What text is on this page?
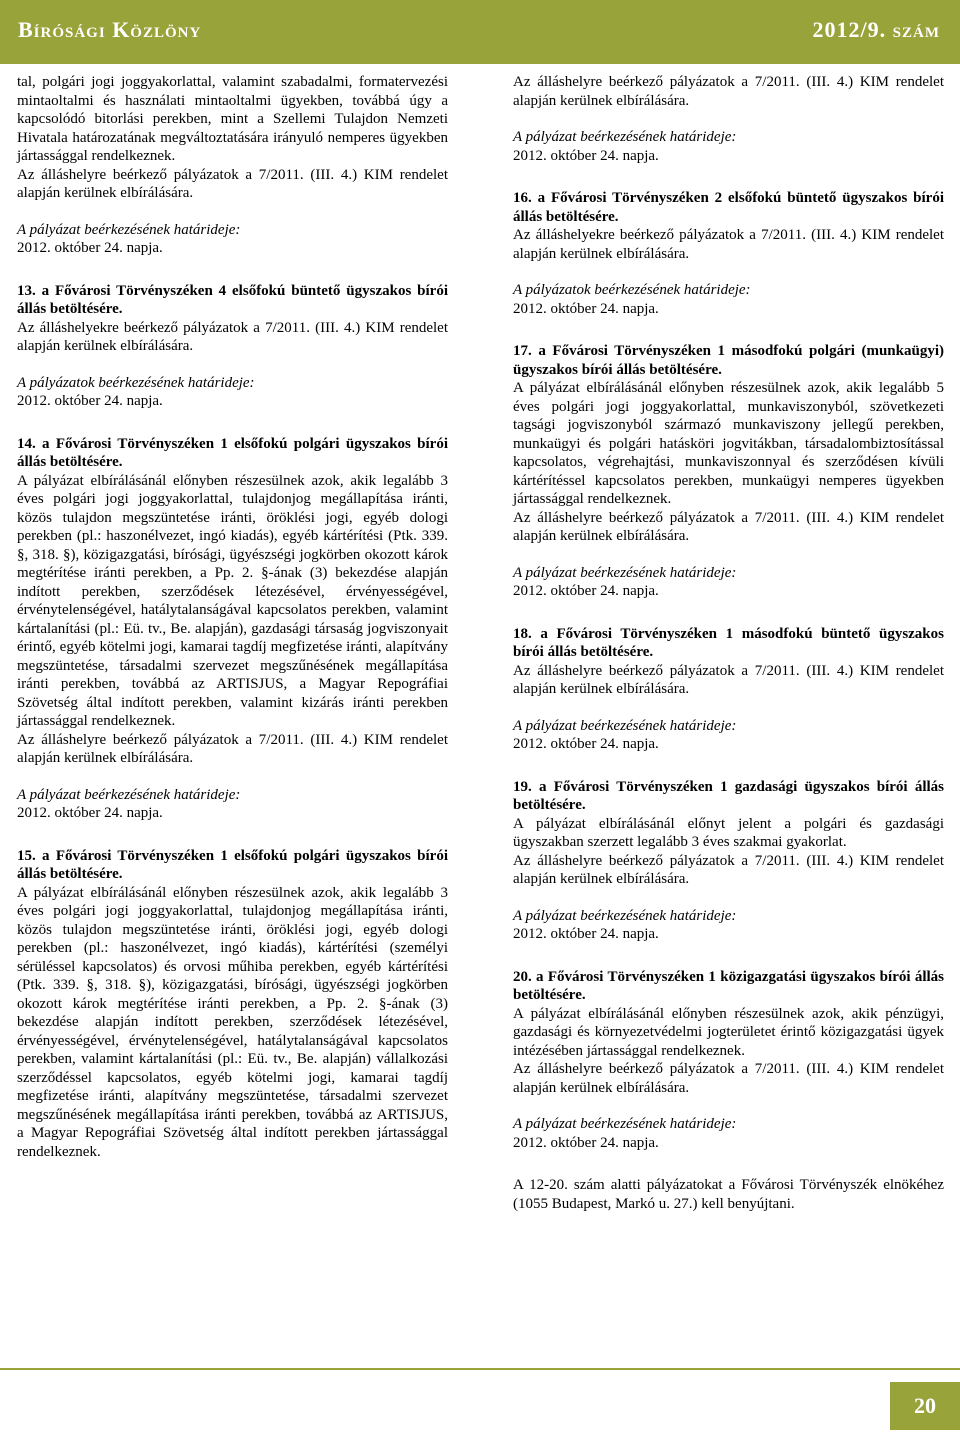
Bírósági Közlöny	2012/9. szám

tal, polgári jogi joggyakorlattal, valamint szabadalmi, formatervezési mintaoltalmi és használati mintaoltalmi ügyekben, továbbá úgy a kapcsolódó bitorlási perekben, mint a Szellemi Tulajdon Nemzeti Hivatala határozatának megváltoztatására irányuló nemperes ügyekben jártassággal rendelkeznek.

Az álláshelyre beérkező pályázatok a 7/2011. (III. 4.) KIM rendelet alapján kerülnek elbírálására.

A pályázat beérkezésének határideje:

2012. október 24. napja.

13. a Fővárosi Törvényszéken 4 elsőfokú büntető ügyszakos bírói állás betöltésére.

Az álláshelyekre beérkező pályázatok a 7/2011. (III. 4.) KIM rendelet alapján kerülnek elbírálására.

A pályázatok beérkezésének határideje:

2012. október 24. napja.

14. a Fővárosi Törvényszéken 1 elsőfokú polgári ügyszakos bírói állás betöltésére.

A pályázat elbírálásánál előnyben részesülnek azok, akik legalább 3 éves polgári jogi joggyakorlattal, tulajdonjog megállapítása iránti, közös tulajdon megszüntetése iránti, öröklési jogi, egyéb dologi perekben (pl.: haszonélvezet, ingó kiadás), egyéb kártérítési (Ptk. 339. §, 318. §), közigazgatási, bírósági, ügyészségi jogkörben okozott károk megtérítése iránti perekben, a Pp. 2. §-ának (3) bekezdése alapján indított perekben, szerződések létezésével, érvényességével, érvénytelenségével, hatálytalanságával kapcsolatos perekben, valamint kártalanítási (pl.: Eü. tv., Be. alapján), gazdasági társaság jogviszonyait érintő, egyéb kötelmi jogi, kamarai tagdíj megfizetése iránti, alapítvány megszüntetése, társadalmi szervezet megszűnésének megállapítása iránti perekben, továbbá az ARTISJUS, a Magyar Repográfiai Szövetség által indított perekben, valamint kizárás iránti perekben jártassággal rendelkeznek.

Az álláshelyre beérkező pályázatok a 7/2011. (III. 4.) KIM rendelet alapján kerülnek elbírálására.

A pályázat beérkezésének határideje:

2012. október 24. napja.

15. a Fővárosi Törvényszéken 1 elsőfokú polgári ügyszakos bírói állás betöltésére.

A pályázat elbírálásánál előnyben részesülnek azok, akik legalább 3 éves polgári jogi joggyakorlattal, tulajdonjog megállapítása iránti, közös tulajdon megszüntetése iránti, öröklési jogi, egyéb dologi perekben (pl.: haszonélvezet, ingó kiadás), kártérítési (személyi sérüléssel kapcsolatos) és orvosi műhiba perekben, egyéb kártérítési (Ptk. 339. §, 318. §), közigazgatási, bírósági, ügyészségi jogkörben okozott károk megtérítése iránti perekben, a Pp. 2. §-ának (3) bekezdése alapján indított perekben, szerződések létezésével, érvényességével, érvénytelenségével, hatálytalanságával kapcsolatos perekben, valamint kártalanítási (pl.: Eü. tv., Be. alapján) vállalkozási szerződéssel kapcsolatos, egyéb kötelmi jogi, kamarai tagdíj megfizetése iránti, alapítvány megszüntetése, társadalmi szervezet megszűnésének megállapítása iránti perekben, továbbá az ARTISJUS, a Magyar Repográfiai Szövetség által indított perekben jártassággal rendelkeznek.

Az álláshelyre beérkező pályázatok a 7/2011. (III. 4.) KIM rendelet alapján kerülnek elbírálására.

A pályázat beérkezésének határideje:

2012. október 24. napja.

16. a Fővárosi Törvényszéken 2 elsőfokú büntető ügyszakos bírói állás betöltésére.

Az álláshelyekre beérkező pályázatok a 7/2011. (III. 4.) KIM rendelet alapján kerülnek elbírálására.

A pályázatok beérkezésének határideje:

2012. október 24. napja.

17. a Fővárosi Törvényszéken 1 másodfokú polgári (munkaügyi) ügyszakos bírói állás betöltésére.

A pályázat elbírálásánál előnyben részesülnek azok, akik legalább 5 éves polgári jogi joggyakorlattal, munkaviszonyból, szövetkezeti tagsági jogviszonyból származó munkaviszony jellegű perekben, munkaügyi és polgári hatásköri jogvitákban, társadalombiztosítással kapcsolatos, végrehajtási, munkaviszonnyal és szerződésen kívüli kártérítéssel kapcsolatos perekben, munkaügyi nemperes ügyekben jártassággal rendelkeznek.

Az álláshelyre beérkező pályázatok a 7/2011. (III. 4.) KIM rendelet alapján kerülnek elbírálására.

A pályázat beérkezésének határideje:

2012. október 24. napja.

18. a Fővárosi Törvényszéken 1 másodfokú büntető ügyszakos bírói állás betöltésére.

Az álláshelyre beérkező pályázatok a 7/2011. (III. 4.) KIM rendelet alapján kerülnek elbírálására.

A pályázat beérkezésének határideje:

2012. október 24. napja.

19. a Fővárosi Törvényszéken 1 gazdasági ügyszakos bírói állás betöltésére.

A pályázat elbírálásánál előnyt jelent a polgári és gazdasági ügyszakban szerzett legalább 3 éves szakmai gyakorlat.

Az álláshelyre beérkező pályázatok a 7/2011. (III. 4.) KIM rendelet alapján kerülnek elbírálására.

A pályázat beérkezésének határideje:

2012. október 24. napja.

20. a Fővárosi Törvényszéken 1 közigazgatási ügyszakos bírói állás betöltésére.

A pályázat elbírálásánál előnyben részesülnek azok, akik pénzügyi, gazdasági és környezetvédelmi jogterületet érintő közigazgatási ügyek intézésében jártassággal rendelkeznek.

Az álláshelyre beérkező pályázatok a 7/2011. (III. 4.) KIM rendelet alapján kerülnek elbírálására.

A pályázat beérkezésének határideje:

2012. október 24. napja.

A 12-20. szám alatti pályázatokat a Fővárosi Törvényszék elnökéhez (1055 Budapest, Markó u. 27.) kell benyújtani.

20
